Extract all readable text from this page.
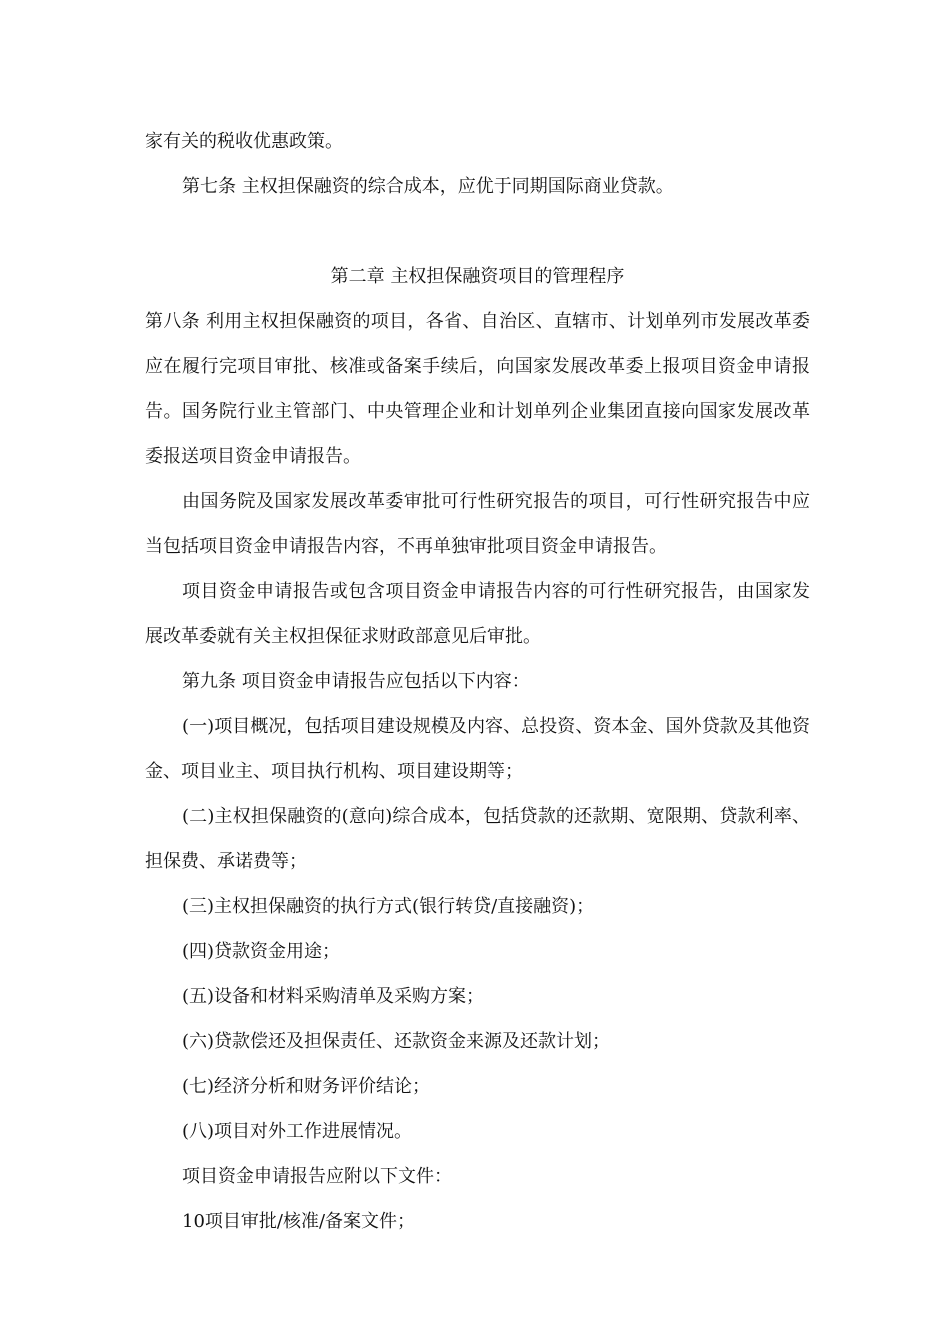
家有关的税收优惠政策。

第七条 主权担保融资的综合成本，应优于同期国际商业贷款。

第二章 主权担保融资项目的管理程序

第八条 利用主权担保融资的项目，各省、自治区、直辖市、计划单列市发展改革委应在履行完项目审批、核准或备案手续后，向国家发展改革委上报项目资金申请报告。国务院行业主管部门、中央管理企业和计划单列企业集团直接向国家发展改革委报送项目资金申请报告。

由国务院及国家发展改革委审批可行性研究报告的项目，可行性研究报告中应当包括项目资金申请报告内容，不再单独审批项目资金申请报告。

项目资金申请报告或包含项目资金申请报告内容的可行性研究报告，由国家发展改革委就有关主权担保征求财政部意见后审批。

第九条 项目资金申请报告应包括以下内容：

(一)项目概况，包括项目建设规模及内容、总投资、资本金、国外贷款及其他资金、项目业主、项目执行机构、项目建设期等；

(二)主权担保融资的(意向)综合成本，包括贷款的还款期、宽限期、贷款利率、担保费、承诺费等；

(三)主权担保融资的执行方式(银行转贷/直接融资)；

(四)贷款资金用途；

(五)设备和材料采购清单及采购方案；

(六)贷款偿还及担保责任、还款资金来源及还款计划；

(七)经济分析和财务评价结论；

(八)项目对外工作进展情况。

项目资金申请报告应附以下文件：

10项目审批/核准/备案文件；
